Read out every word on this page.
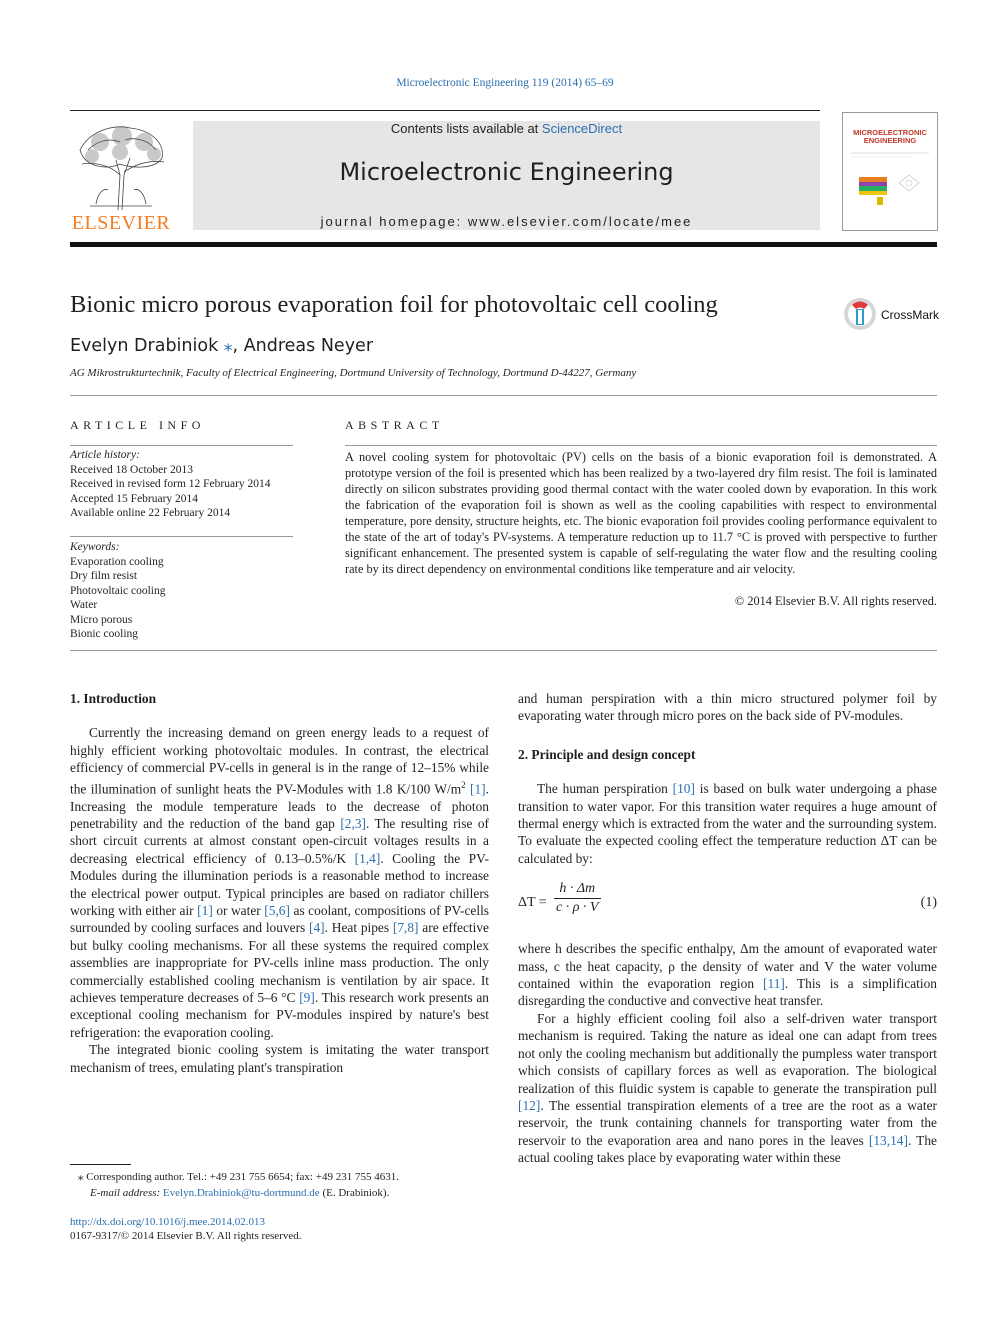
Microelectronic Engineering 119 (2014) 65–69
ELSEVIER
Contents lists available at ScienceDirect
Microelectronic Engineering
journal homepage: www.elsevier.com/locate/mee
MICROELECTRONIC
ENGINEERING
Bionic micro porous evaporation foil for photovoltaic cell cooling	CrossMark
Evelyn Drabiniok ⁎, Andreas Neyer
AG Mikrostrukturtechnik, Faculty of Electrical Engineering, Dortmund University of Technology, Dortmund D-44227, Germany
ARTICLE INFO	ABSTRACT
Article history:
Received 18 October 2013
Received in revised form 12 February 2014
Accepted 15 February 2014
Available online 22 February 2014
Keywords:
Evaporation cooling
Dry film resist
Photovoltaic cooling
Water
Micro porous
Bionic cooling
A novel cooling system for photovoltaic (PV) cells on the basis of a bionic evaporation foil is demonstrated. A prototype version of the foil is presented which has been realized by a two-layered dry film resist. The foil is laminated directly on silicon substrates providing good thermal contact with the water cooled down by evaporation. In this work the fabrication of the evaporation foil is shown as well as the cooling capabilities with respect to environmental temperature, pore density, structure heights, etc. The bionic evaporation foil provides cooling performance equivalent to the state of the art of today's PV-systems. A temperature reduction up to 11.7 °C is proved with perspective to further significant enhancement. The presented system is capable of self-regulating the water flow and the resulting cooling rate by its direct dependency on environmental conditions like temperature and air velocity.
© 2014 Elsevier B.V. All rights reserved.
1. Introduction

Currently the increasing demand on green energy leads to a request of highly efficient working photovoltaic modules. In contrast, the electrical efficiency of commercial PV-cells in general is in the range of 12–15% while the illumination of sunlight heats the PV-Modules with 1.8 K/100 $W/m^2$ [1]. Increasing the module temperature leads to the decrease of photon penetrability and the reduction of the band gap [2,3]. The resulting rise of short circuit currents at almost constant open-circuit voltages results in a decreasing electrical efficiency of 0.13–0.5%/K [1,4]. Cooling the PV-Modules during the illumination periods is a reasonable method to increase the electrical power output. Typical principles are based on radiator chillers working with either air [1] or water [5,6] as coolant, compositions of PV-cells surrounded by cooling surfaces and louvers [4]. Heat pipes [7,8] are effective but bulky cooling mechanisms. For all these systems the required complex assemblies are inappropriate for PV-cells inline mass production. The only commercially established cooling mechanism is ventilation by air space. It achieves temperature decreases of 5–6 °C [9]. This research work presents an exceptional cooling mechanism for PV-modules inspired by nature's best refrigeration: the evaporation cooling.

The integrated bionic cooling system is imitating the water transport mechanism of trees, emulating plant's transpiration

and human perspiration with a thin micro structured polymer foil by evaporating water through micro pores on the back side of PV-modules.

2. Principle and design concept

The human perspiration [10] is based on bulk water undergoing a phase transition to water vapor. For this transition water requires a huge amount of thermal energy which is extracted from the water and the surrounding system. To evaluate the expected cooling effect the temperature reduction ΔT can be calculated by:

$\Delta T = \frac{h \cdot \Delta m}{c \cdot \rho \cdot V}$	(1)

where h describes the specific enthalpy, Δm the amount of evaporated water mass, c the heat capacity, ρ the density of water and V the water volume contained within the evaporation region [11]. This is a simplification disregarding the conductive and convective heat transfer.

For a highly efficient cooling foil also a self-driven water transport mechanism is required. Taking the nature as ideal one can adapt from trees not only the cooling mechanism but additionally the pumpless water transport which consists of capillary forces as well as evaporation. The biological realization of this fluidic system is capable to generate the transpiration pull [12]. The essential transpiration elements of a tree are the root as a water reservoir, the trunk containing channels for transporting water from the reservoir to the evaporation area and nano pores in the leaves [13,14]. The actual cooling takes place by evaporating water within these

⁎ Corresponding author. Tel.: +49 231 755 6654; fax: +49 231 755 4631.
E-mail address: Evelyn.Drabiniok@tu-dortmund.de (E. Drabiniok).
http://dx.doi.org/10.1016/j.mee.2014.02.013
0167-9317/© 2014 Elsevier B.V. All rights reserved.
